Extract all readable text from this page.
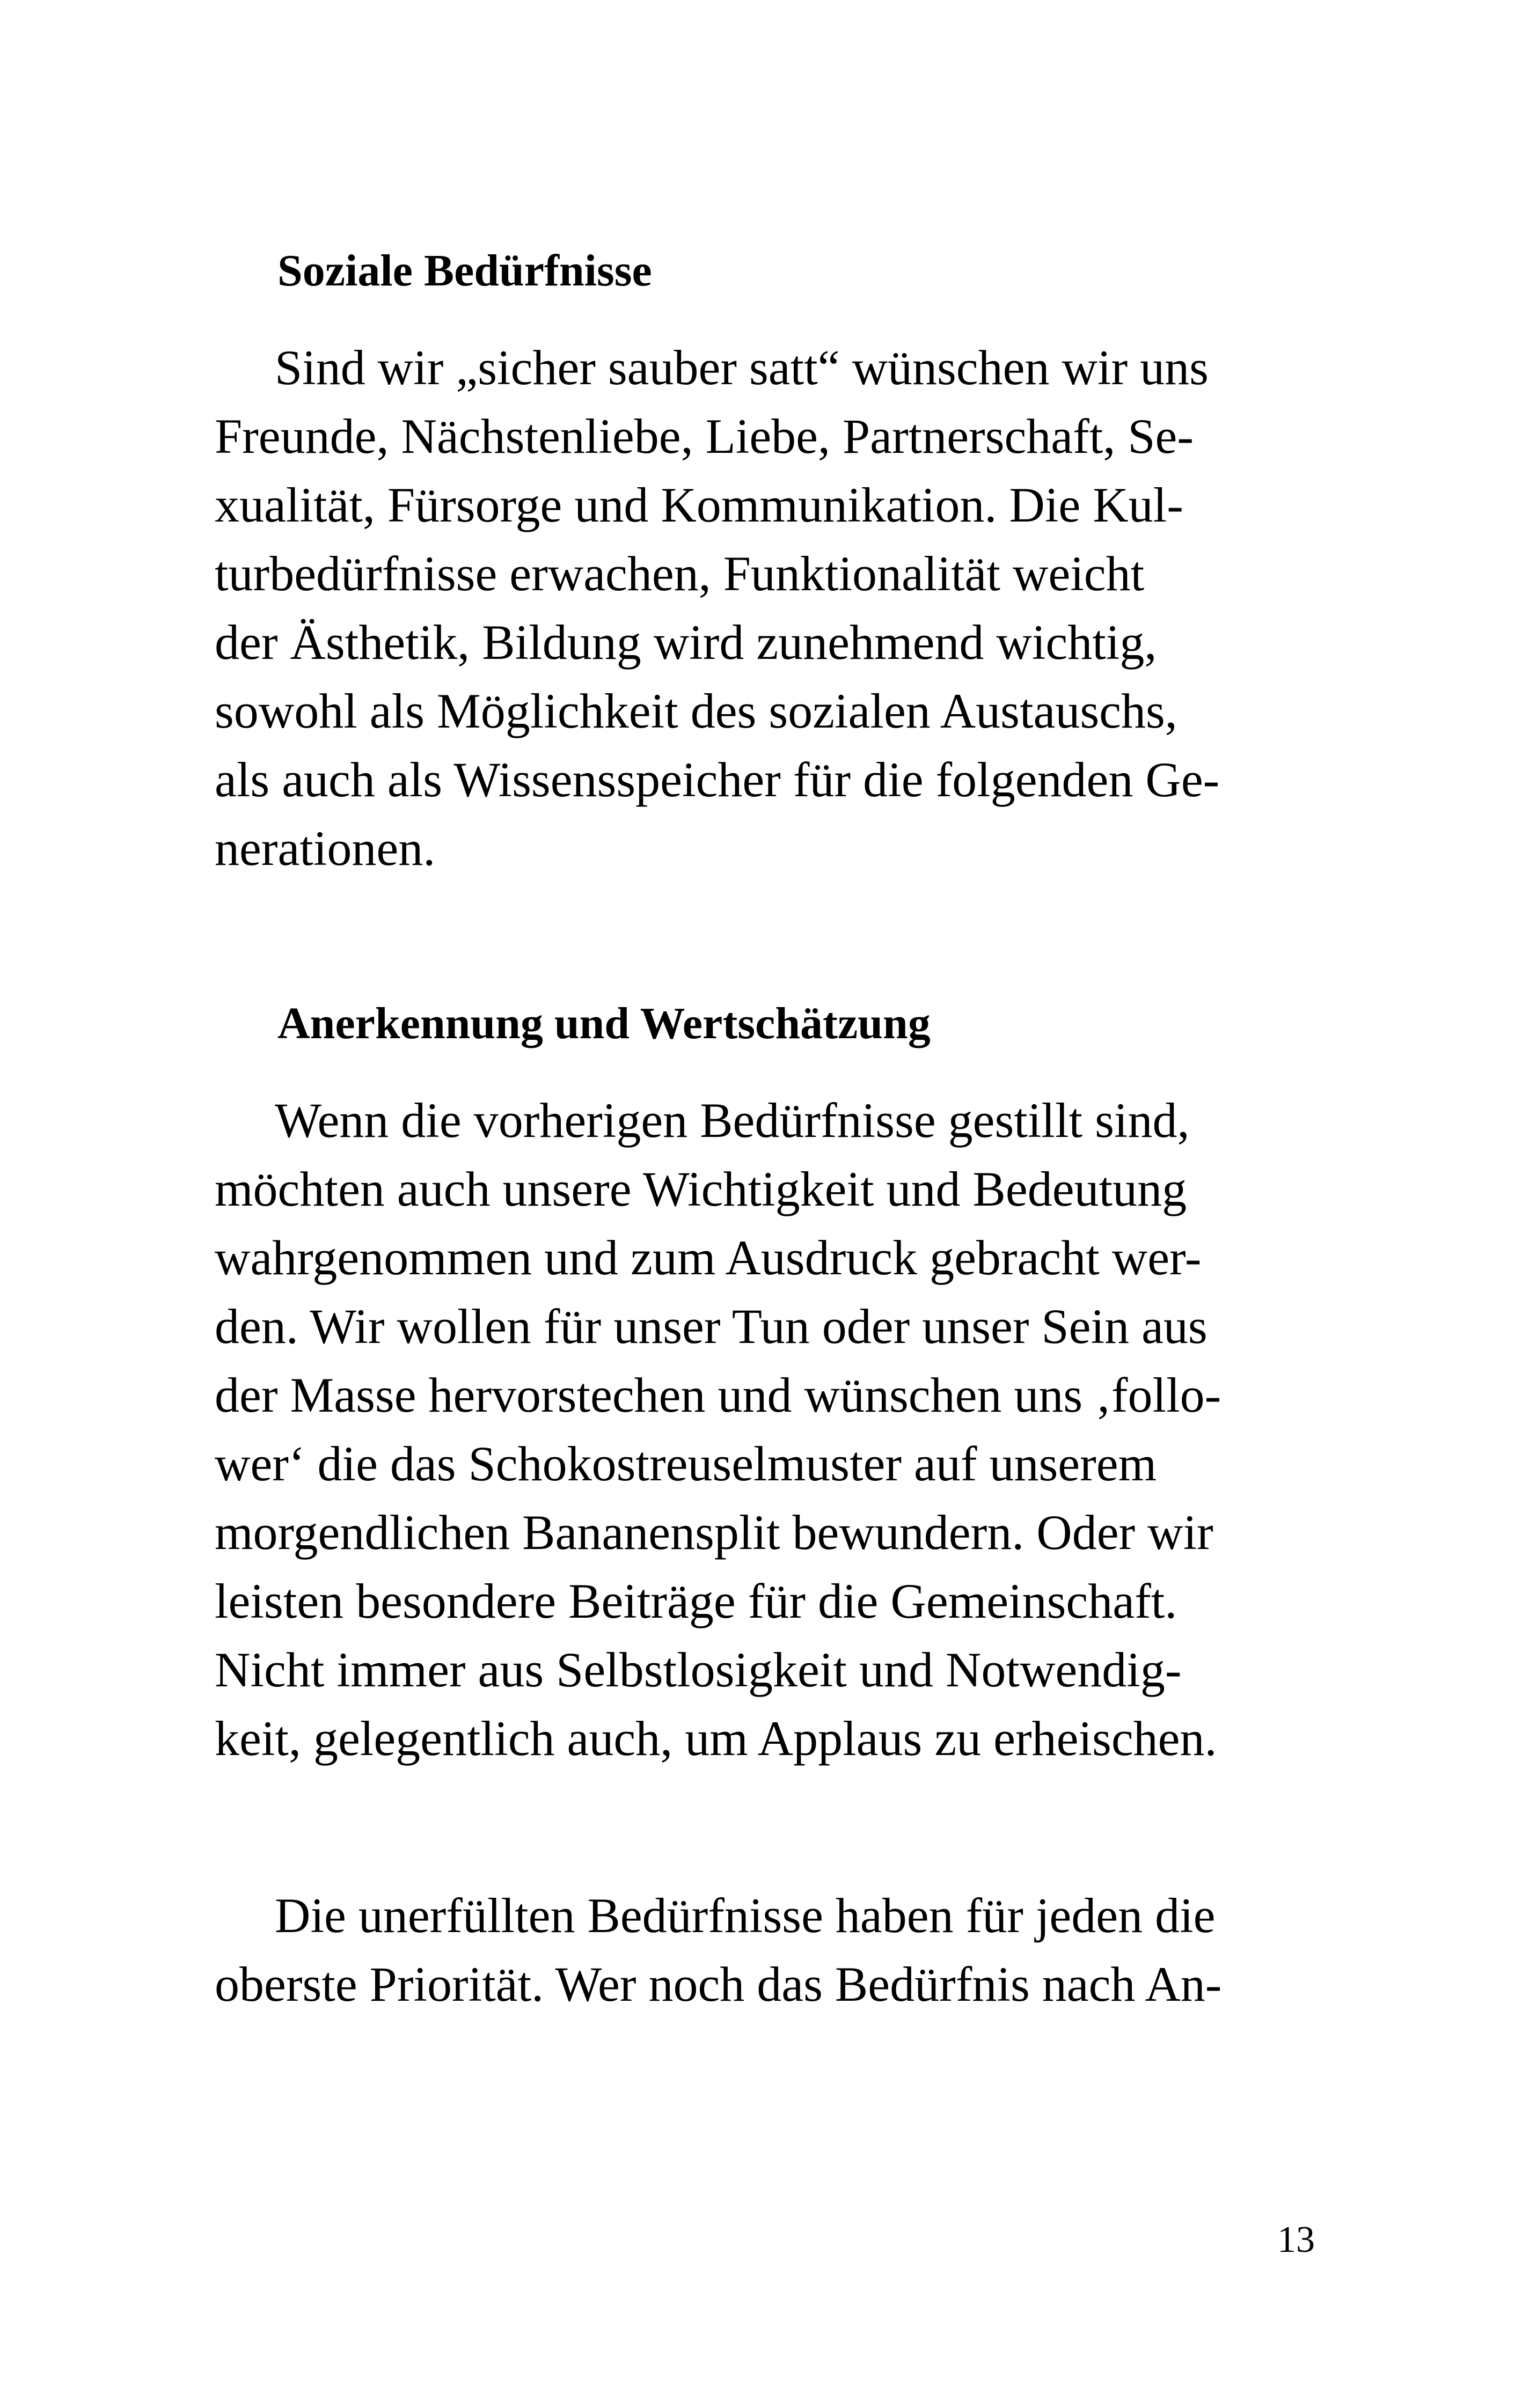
Soziale Bedürfnisse

Sind wir „sicher sauber satt“ wünschen wir uns

Freunde, Nächstenliebe, Liebe, Partnerschaft, Se-

xualität, Fürsorge und Kommunikation. Die Kul-

turbedürfnisse erwachen, Funktionalität weicht

der Ästhetik, Bildung wird zunehmend wichtig,

sowohl als Möglichkeit des sozialen Austauschs,

als auch als Wissensspeicher für die folgenden Ge-

nerationen.

Anerkennung und Wertschätzung

Wenn die vorherigen Bedürfnisse gestillt sind,

möchten auch unsere Wichtigkeit und Bedeutung

wahrgenommen und zum Ausdruck gebracht wer-

den. Wir wollen für unser Tun oder unser Sein aus

der Masse hervorstechen und wünschen uns ‚follo-

wer‘ die das Schokostreuselmuster auf unserem

morgendlichen Bananensplit bewundern. Oder wir

leisten besondere Beiträge für die Gemeinschaft.

Nicht immer aus Selbstlosigkeit und Notwendig-

keit, gelegentlich auch, um Applaus zu erheischen.

Die unerfüllten Bedürfnisse haben für jeden die

oberste Priorität. Wer noch das Bedürfnis nach An-

13
